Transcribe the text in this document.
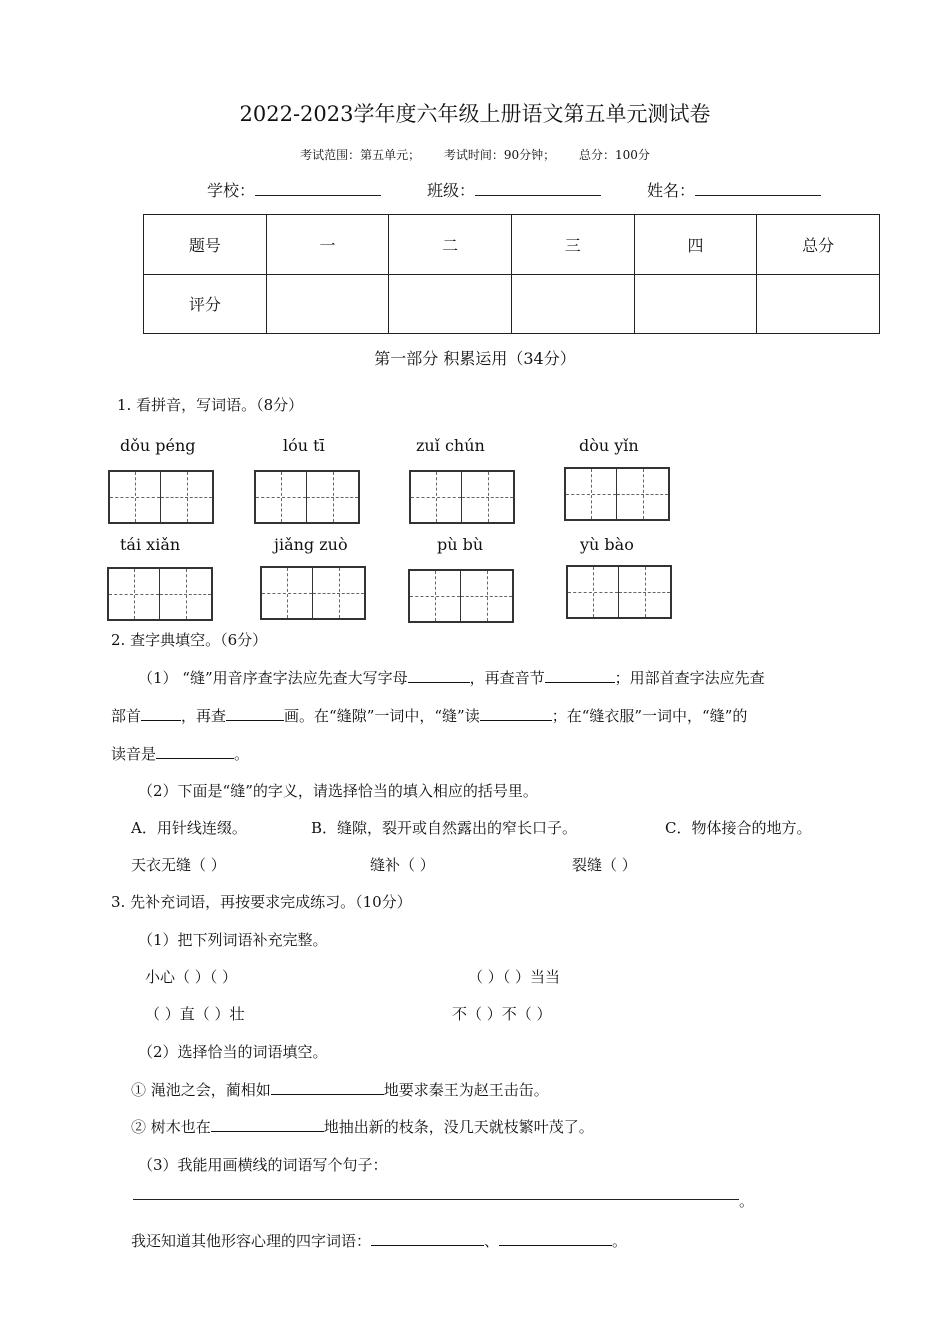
2022-2023学年度六年级上册语文第五单元测试卷
考试范围：第五单元； 考试时间：90分钟； 总分：100分
学校：	班级：	姓名：
题号	一	二	三	四	总分
评分					
第一部分 积累运用（34分）
1. 看拼音，写词语。（8分）
dǒu péng	lóu tī	zuǐ chún	dòu yǐn
tái xiǎn	jiǎng zuò	pù bù	yù bào
2. 查字典填空。（6分）
（1） “缝”用音序查字法应先查大写字母	，再查音节	；用部首查字法应先查
部首	，再查	画。在“缝隙”一词中，“缝”读	；在“缝衣服”一词中，“缝”的
读音是	。
（2）下面是“缝”的字义，请选择恰当的填入相应的括号里。
A．用针线连缀。	B．缝隙，裂开或自然露出的窄长口子。	C．物体接合的地方。
天衣无缝（ ）	缝补（ ）	裂缝（ ）
3. 先补充词语，再按要求完成练习。（10分）
（1）把下列词语补充完整。
小心（ ）（ ）	（ ）（ ）当当
（ ）直（ ）壮	不（ ）不（ ）
（2）选择恰当的词语填空。
① 渑池之会，蔺相如	地要求秦王为赵王击缶。
② 树木也在	地抽出新的枝条，没几天就枝繁叶茂了。
（3）我能用画横线的词语写个句子：
。
我还知道其他形容心理的四字词语：	、	。
